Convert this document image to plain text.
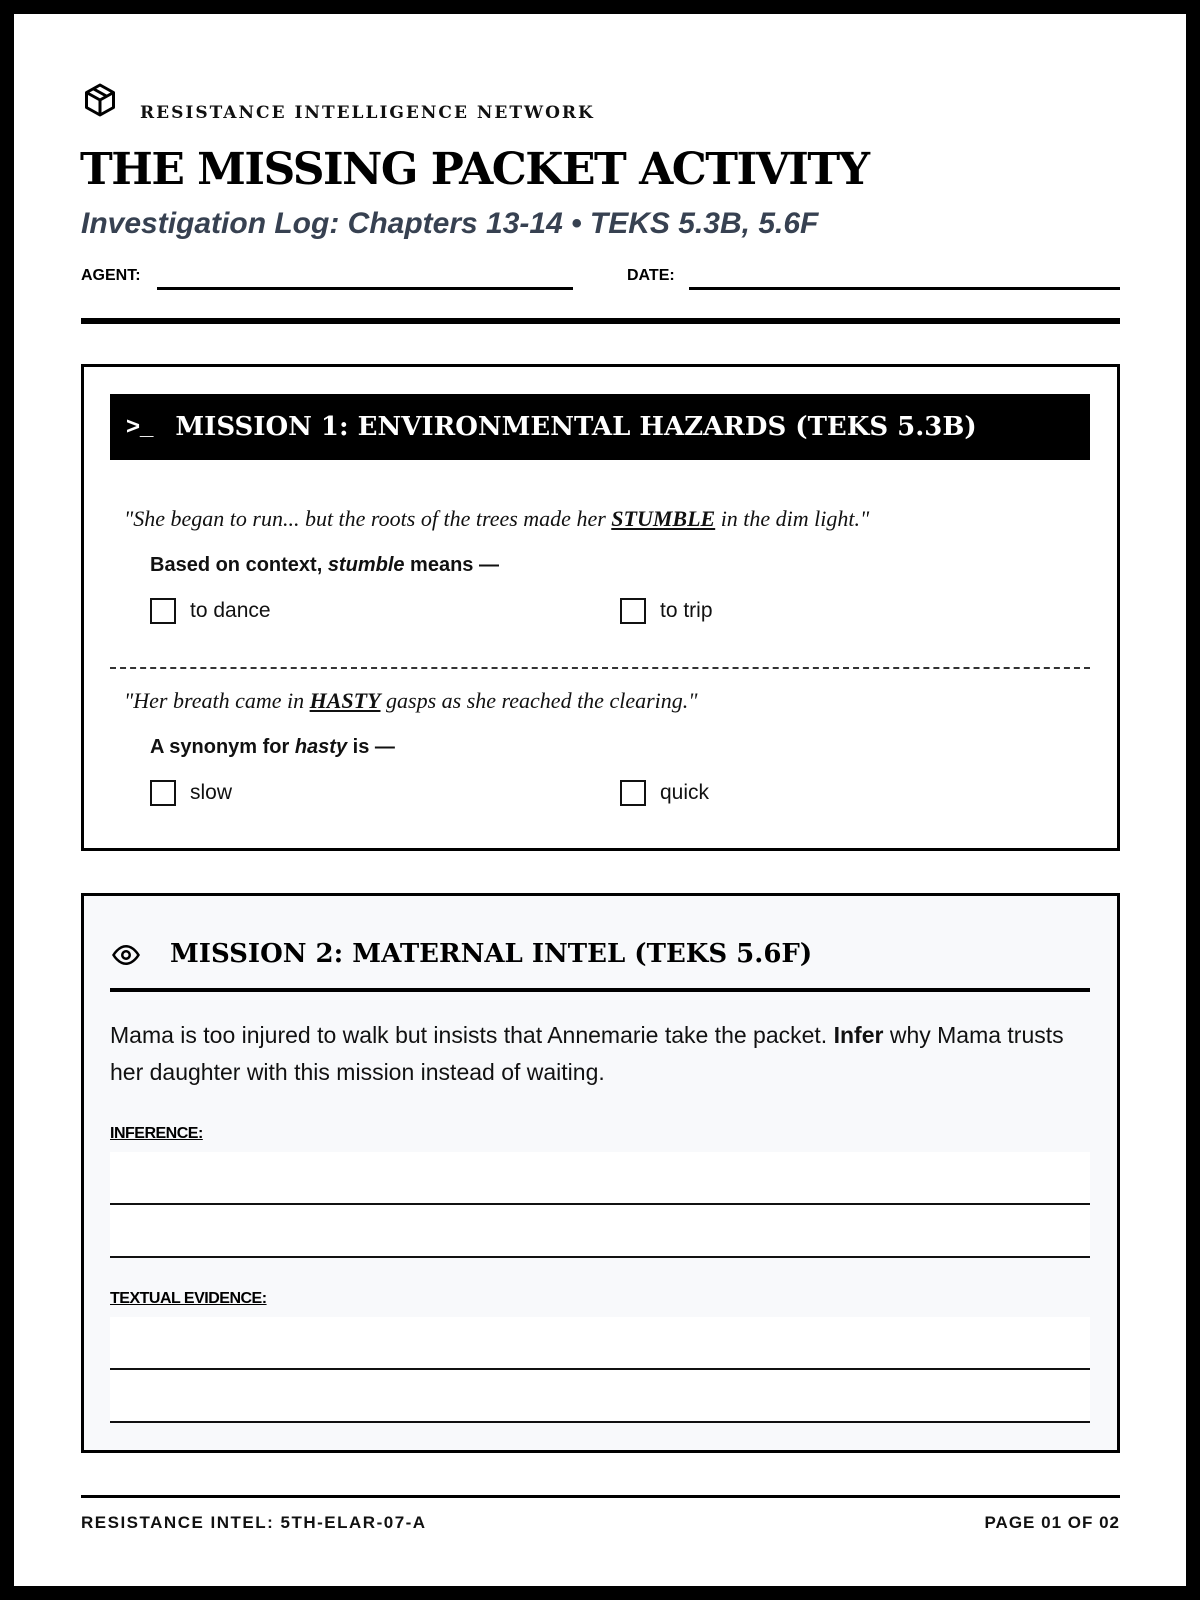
RESISTANCE INTELLIGENCE NETWORK
THE MISSING PACKET ACTIVITY
Investigation Log: Chapters 13-14 • TEKS 5.3B, 5.6F
AGENT:	DATE:
>_ MISSION 1: ENVIRONMENTAL HAZARDS (TEKS 5.3B)
"She began to run... but the roots of the trees made her STUMBLE in the dim light."
Based on context, stumble means —
to dance	to trip
"Her breath came in HASTY gasps as she reached the clearing."
A synonym for hasty is —
slow	quick
MISSION 2: MATERNAL INTEL (TEKS 5.6F)
Mama is too injured to walk but insists that Annemarie take the packet. Infer why Mama trusts her daughter with this mission instead of waiting.
INFERENCE:
TEXTUAL EVIDENCE:
RESISTANCE INTEL: 5TH-ELAR-07-A	PAGE 01 OF 02
